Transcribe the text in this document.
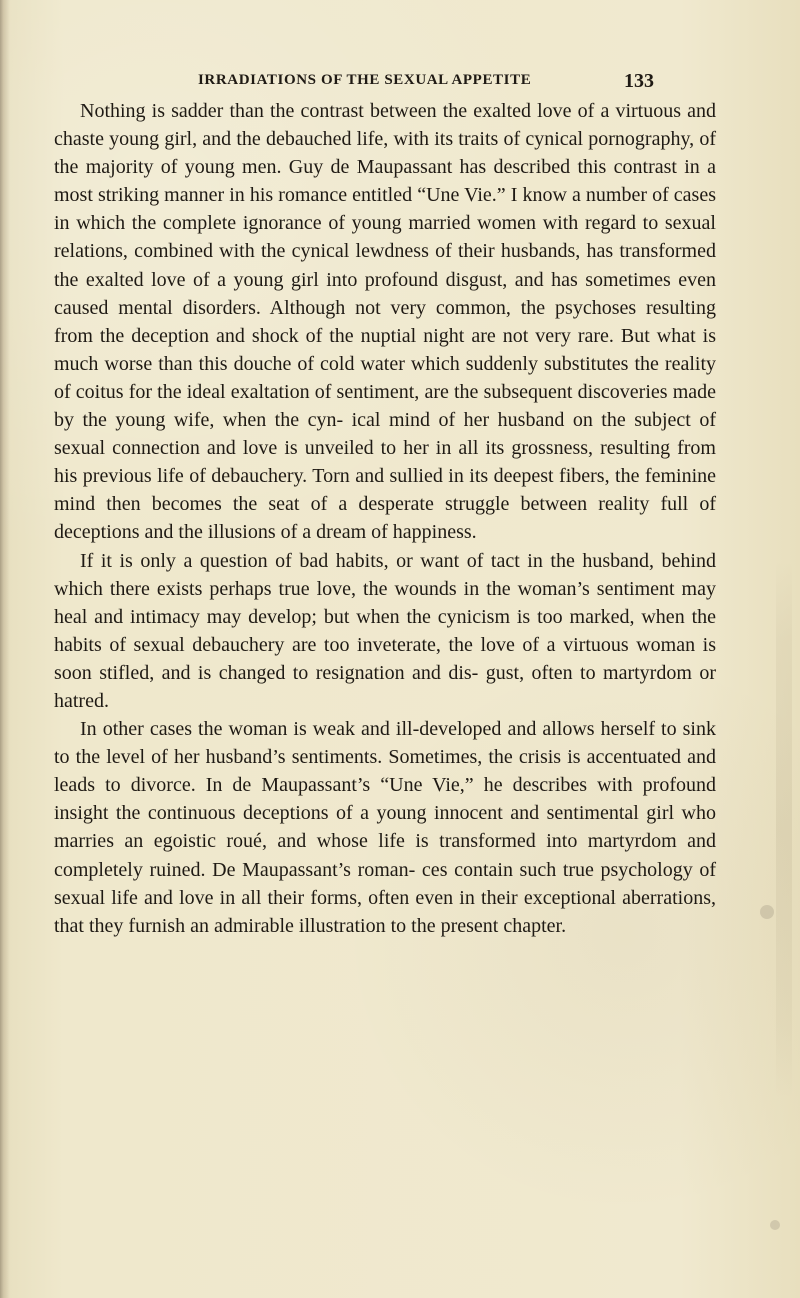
IRRADIATIONS OF THE SEXUAL APPETITE	133

Nothing is sadder than the contrast between the exalted love of a virtuous and chaste young girl, and the debauched life, with its traits of cynical pornography, of the majority of young men. Guy de Maupassant has described this contrast in a most striking manner in his romance entitled “Une Vie.” I know a number of cases in which the complete ignorance of young married women with regard to sexual relations, combined with the cynical lewdness of their husbands, has transformed the exalted love of a young girl into profound disgust, and has sometimes even caused mental disorders. Although not very common, the psychoses resulting from the deception and shock of the nuptial night are not very rare. But what is much worse than this douche of cold water which suddenly substitutes the reality of coitus for the ideal exaltation of sentiment, are the subsequent discoveries made by the young wife, when the cyn- ical mind of her husband on the subject of sexual connection and love is unveiled to her in all its grossness, resulting from his previous life of debauchery. Torn and sullied in its deepest fibers, the feminine mind then becomes the seat of a desperate struggle between reality full of deceptions and the illusions of a dream of happiness.

If it is only a question of bad habits, or want of tact in the husband, behind which there exists perhaps true love, the wounds in the woman’s sentiment may heal and intimacy may develop; but when the cynicism is too marked, when the habits of sexual debauchery are too inveterate, the love of a virtuous woman is soon stifled, and is changed to resignation and dis- gust, often to martyrdom or hatred.

In other cases the woman is weak and ill-developed and allows herself to sink to the level of her husband’s sentiments. Sometimes, the crisis is accentuated and leads to divorce. In de Maupassant’s “Une Vie,” he describes with profound insight the continuous deceptions of a young innocent and sentimental girl who marries an egoistic roué, and whose life is transformed into martyrdom and completely ruined. De Maupassant’s roman- ces contain such true psychology of sexual life and love in all their forms, often even in their exceptional aberrations, that they furnish an admirable illustration to the present chapter.
